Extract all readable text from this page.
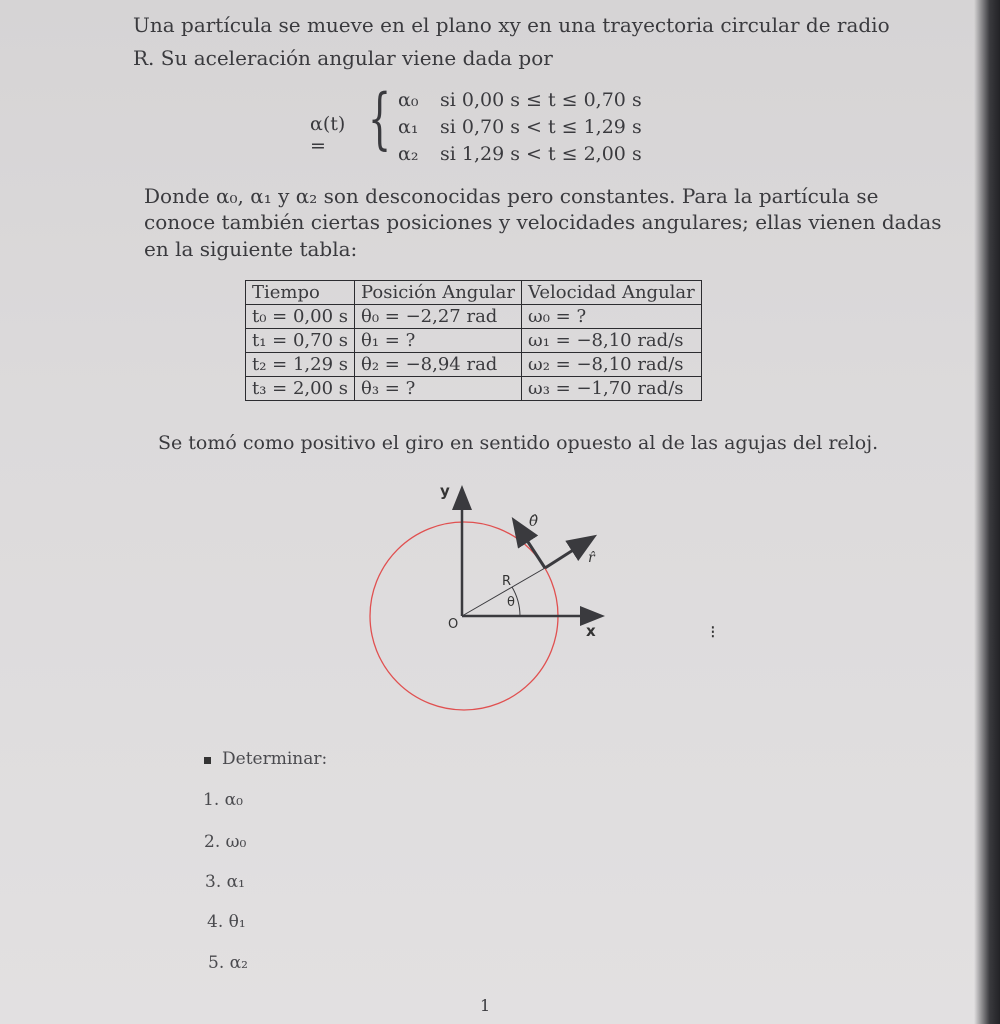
Una partícula se mueve en el plano xy en una trayectoria circular de radio
R. Su aceleración angular viene dada por
α(t) = { α₀ si 0,00 s ≤ t ≤ 0,70 s
α₁ si 0,70 s < t ≤ 1,29 s
α₂ si 1,29 s < t ≤ 2,00 s
Donde α₀, α₁ y α₂ son desconocidas pero constantes. Para la partícula se
conoce también ciertas posiciones y velocidades angulares; ellas vienen dadas
en la siguiente tabla:
Tiempo	Posición Angular	Velocidad Angular
t₀ = 0,00 s	θ₀ = −2,27 rad	ω₀ = ?
t₁ = 0,70 s	θ₁ = ?	ω₁ = −8,10 rad/s
t₂ = 1,29 s	θ₂ = −8,94 rad	ω₂ = −8,10 rad/s
t₃ = 2,00 s	θ₃ = ?	ω₃ = −1,70 rad/s
Se tomó como positivo el giro en sentido opuesto al de las agujas del reloj.
y
x
O
R
θ
θ̂
r̂
⁝
Determinar:
1. α₀
2. ω₀
3. α₁
4. θ₁
5. α₂
1
